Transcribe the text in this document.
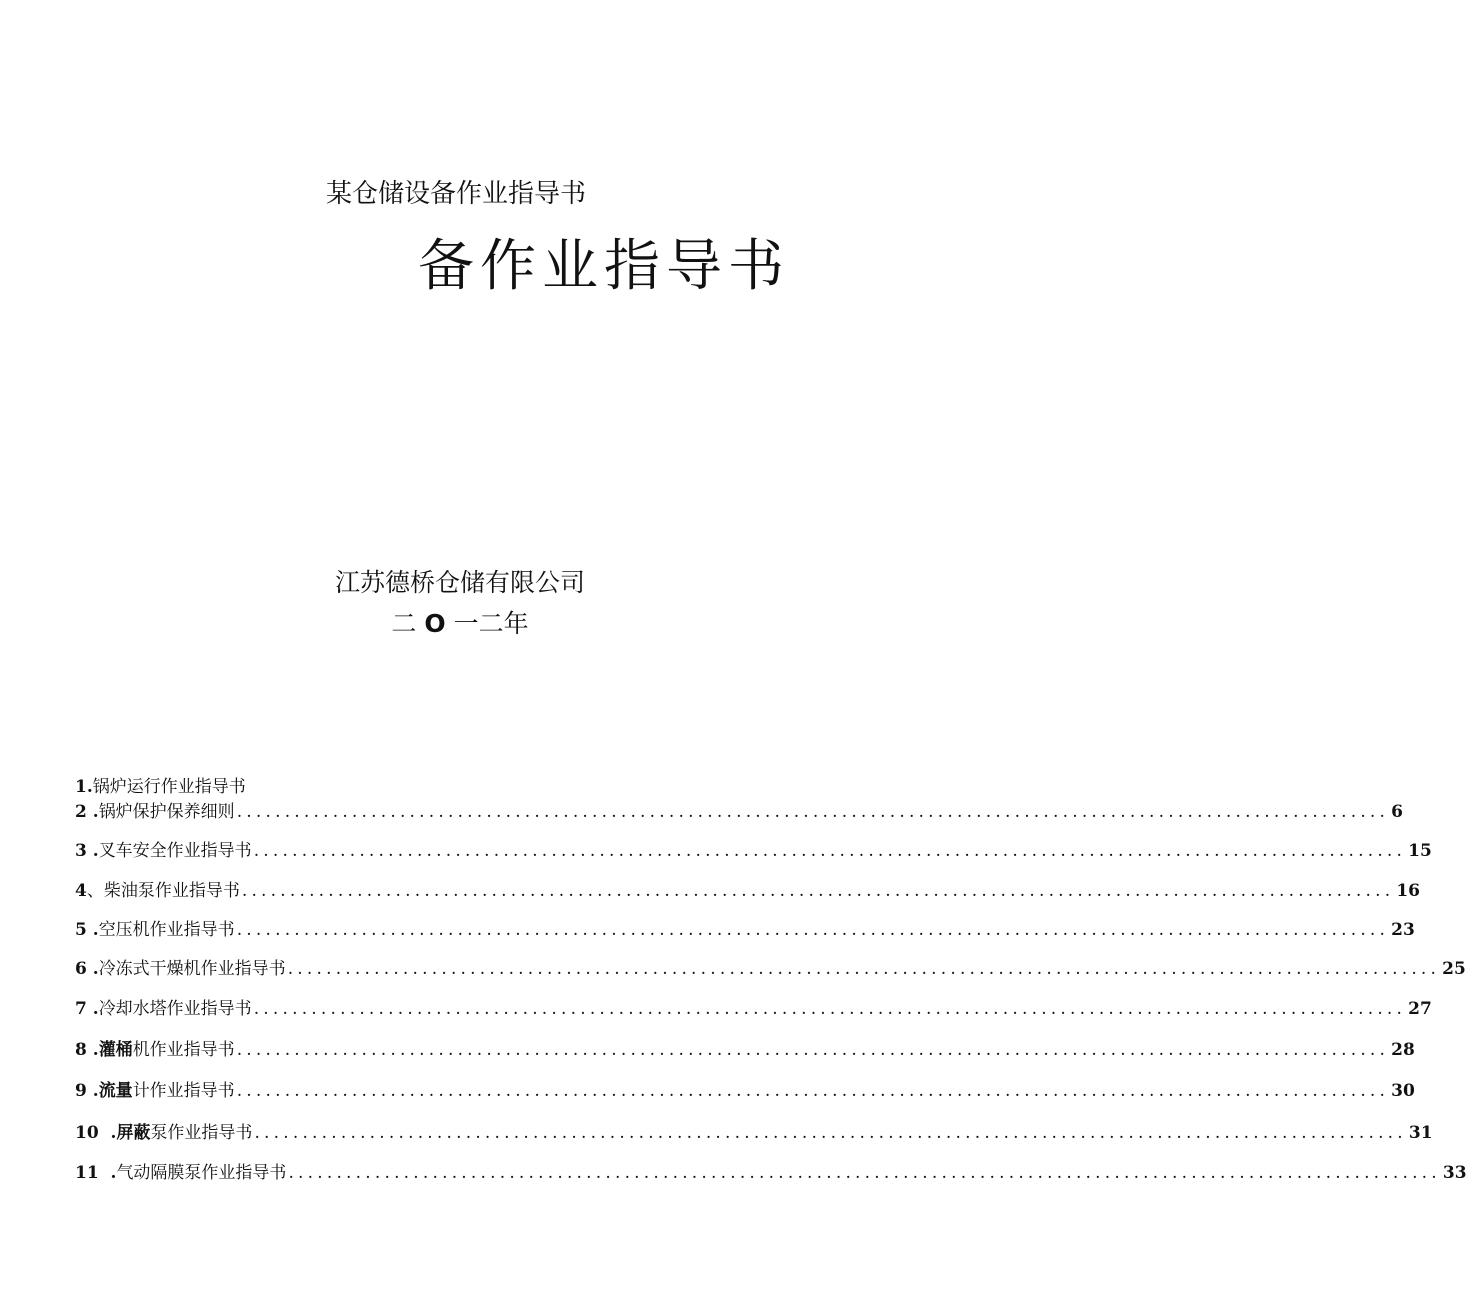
某仓储设备作业指导书
备作业指导书
江苏德桥仓储有限公司
二 O 一二年
1.锅炉运行作业指导书
2 . 锅炉保护保养细则 ........................................................................................................................ 6
3 . 叉车安全作业指导书 ........................................................................................................................ 15
4 、 柴油泵作业指导书 ........................................................................................................................ 16
5 . 空压机作业指导书 ........................................................................................................................ 23
6 . 冷冻式干燥机作业指导书 ........................................................................................................................ 25
7 . 冷却水塔作业指导书 ........................................................................................................................ 27
8 . 灌桶机作业指导书 ........................................................................................................................ 28
9 . 流量计作业指导书 ........................................................................................................................ 30
10 . 屏蔽泵作业指导书 ........................................................................................................................ 31
11 . 气动隔膜泵作业指导书 ........................................................................................................................ 33
